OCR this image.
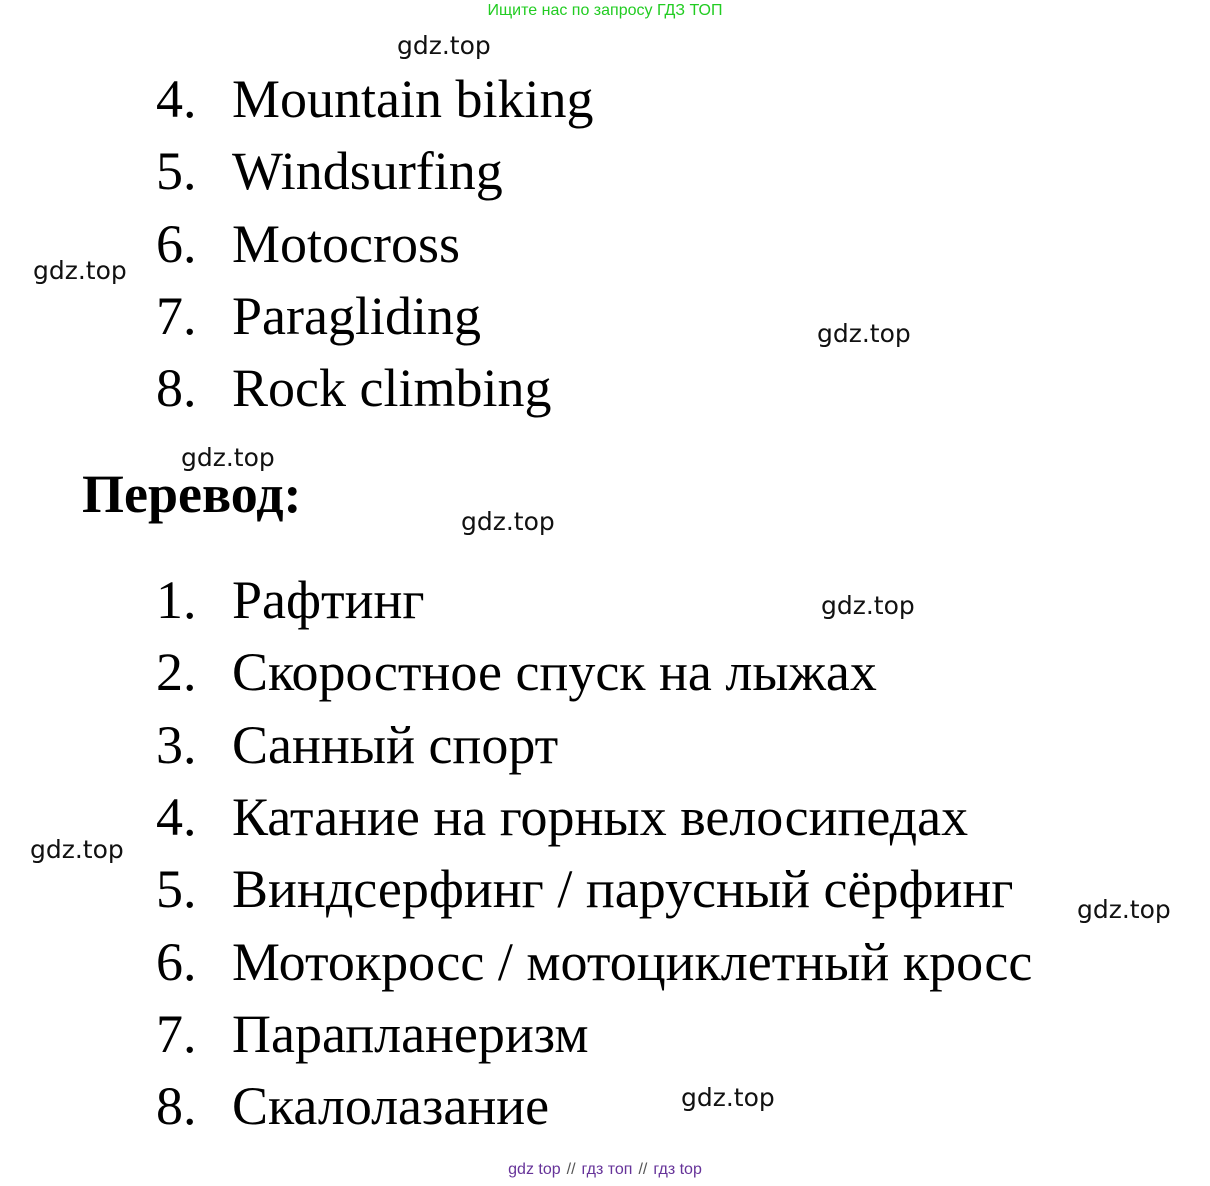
Ищите нас по запросу ГДЗ ТОП
gdz.top
gdz.top
gdz.top
gdz.top
gdz.top
gdz.top
gdz.top
gdz.top
gdz.top
4. Mountain biking
5. Windsurfing
6. Motocross
7. Paragliding
8. Rock climbing
Перевод:
1. Рафтинг
2. Скоростное спуск на лыжах
3. Санный спорт
4. Катание на горных велосипедах
5. Виндсерфинг / парусный сёрфинг
6. Мотокросс / мотоциклетный кросс
7. Парапланеризм
8. Скалолазание
gdz top // гдз топ // гдз top
